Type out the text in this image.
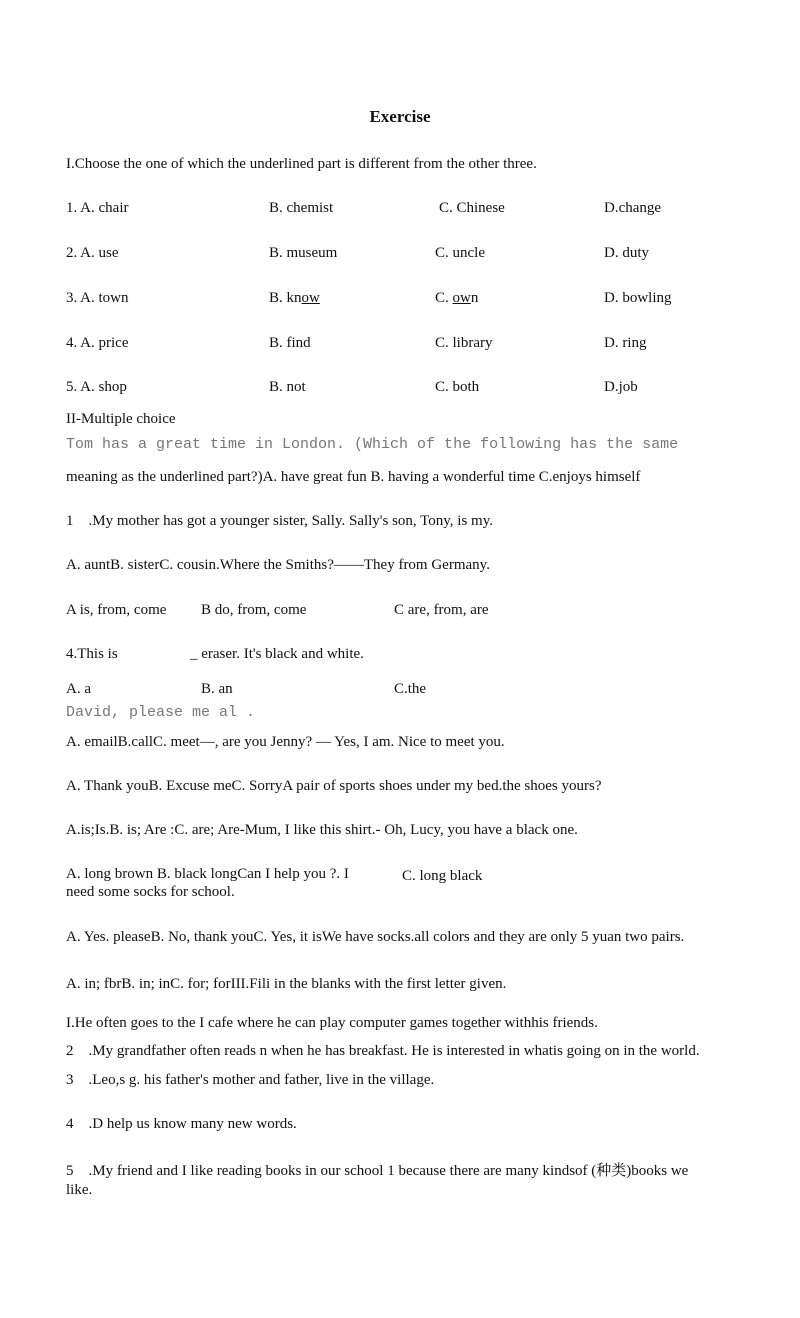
Exercise
I.Choose the one of which the underlined part is different from the other three.
1. A. chair	B. chemist	C. Chinese	D.change
2. A. use	B. museum	C. uncle	D. duty
3. A. town	B. know	C. own	D. bowling
4. A. price	B. find	C. library	D. ring
5. A. shop	B. not	C. both	D.job
II-Multiple choice
Tom has a great time in London. (Which of the following has the same
meaning as the underlined part?)A. have great fun B. having a wonderful time C.enjoys himself
1    .My mother has got a younger sister, Sally. Sally's son, Tony, is my.
A. auntB. sisterC. cousin.Where the Smiths?——They from Germany.
A is, from, come B do, from, come	C are, from, are
4.This is	_ eraser. It's black and white.
A. a	B. an	C.the
David, please me al .
A. emailB.callC. meet—, are you Jenny? — Yes, I am. Nice to meet you.
A. Thank youB. Excuse meC. SorryA pair of sports shoes under my bed.the shoes yours?
A.is;Is.B. is; Are :C. are; Are-Mum, I like this shirt.- Oh, Lucy, you have a black one.
A. long brown B. black longCan I help you ?. I
need some socks for school.
C. long black
A. Yes. pleaseB. No, thank youC. Yes, it isWe have socks.all colors and they are only 5 yuan two pairs.
A. in; fbrB. in; inC. for; forIII.Fili in the blanks with the first letter given.
I.He often goes to the I cafe where he can play computer games together withhis friends.
2    .My grandfather often reads n when he has breakfast. He is interested in whatis going on in the world.
3    .Leo,s g. his father's mother and father, live in the village.
4    .D help us know many new words.
5    .My friend and I like reading books in our school 1 because there are many kindsof (种类)books we
like.
